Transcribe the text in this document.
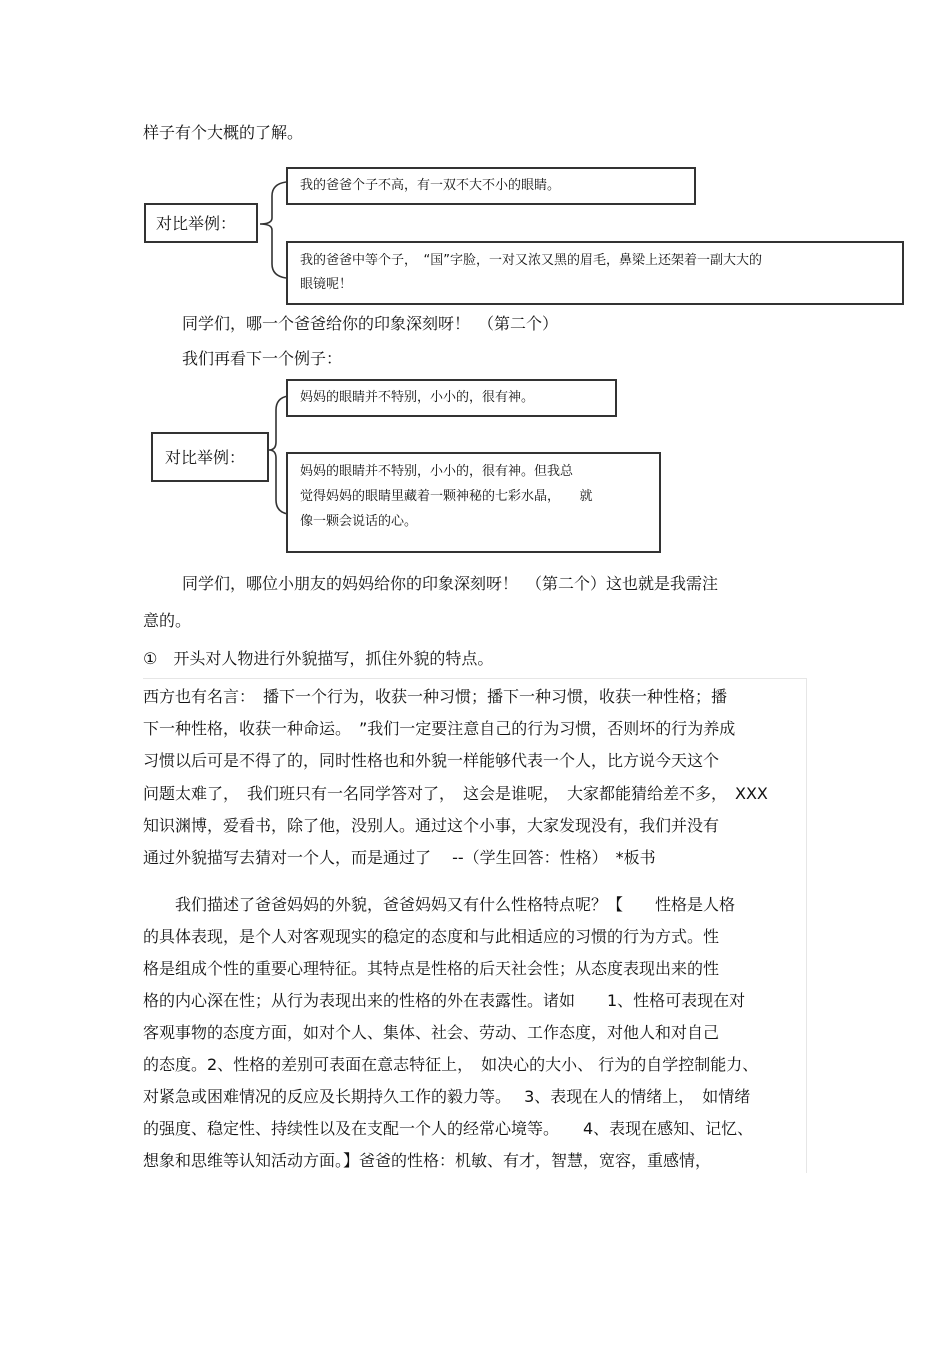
样子有个大概的了解。
对比举例：
我的爸爸个子不高，有一双不大不小的眼睛。
我的爸爸中等个子，　“国”字脸，一对又浓又黑的眉毛，鼻梁上还架着一副大大的
眼镜呢！
同学们，哪一个爸爸给你的印象深刻呀！　（第二个）
我们再看下一个例子：
对比举例：
妈妈的眼睛并不特别，小小的，很有神。
妈妈的眼睛并不特别，小小的，很有神。但我总
觉得妈妈的眼睛里藏着一颗神秘的七彩水晶，　　就
像一颗会说话的心。
同学们，哪位小朋友的妈妈给你的印象深刻呀！　（第二个）这也就是我需注
意的。
①　开头对人物进行外貌描写，抓住外貌的特点。
西方也有名言：　播下一个行为，收获一种习惯；播下一种习惯，收获一种性格；播
下一种性格，收获一种命运。　”我们一定要注意自己的行为习惯，否则坏的行为养成
习惯以后可是不得了的，同时性格也和外貌一样能够代表一个人，比方说今天这个
问题太难了，　我们班只有一名同学答对了，　这会是谁呢，　大家都能猜给差不多，　XXX
知识渊博，爱看书，除了他，没别人。通过这个小事，大家发现没有，我们并没有
通过外貌描写去猜对一个人，而是通过了　 --（学生回答：性格）　*板书
　　我们描述了爸爸妈妈的外貌，爸爸妈妈又有什么性格特点呢？【　　性格是人格
的具体表现，是个人对客观现实的稳定的态度和与此相适应的习惯的行为方式。性
格是组成个性的重要心理特征。其特点是性格的后天社会性；从态度表现出来的性
格的内心深在性；从行为表现出来的性格的外在表露性。诸如　　1、性格可表现在对
客观事物的态度方面，如对个人、集体、社会、劳动、工作态度，对他人和对自己
的态度。2、性格的差别可表面在意志特征上，　如决心的大小、 行为的自学控制能力、
对紧急或困难情况的反应及长期持久工作的毅力等。　 3、表现在人的情绪上，　如情绪
的强度、稳定性、持续性以及在支配一个人的经常心境等。　　4、表现在感知、记忆、
想象和思维等认知活动方面。】爸爸的性格：机敏、有才，智慧，宽容，重感情，
